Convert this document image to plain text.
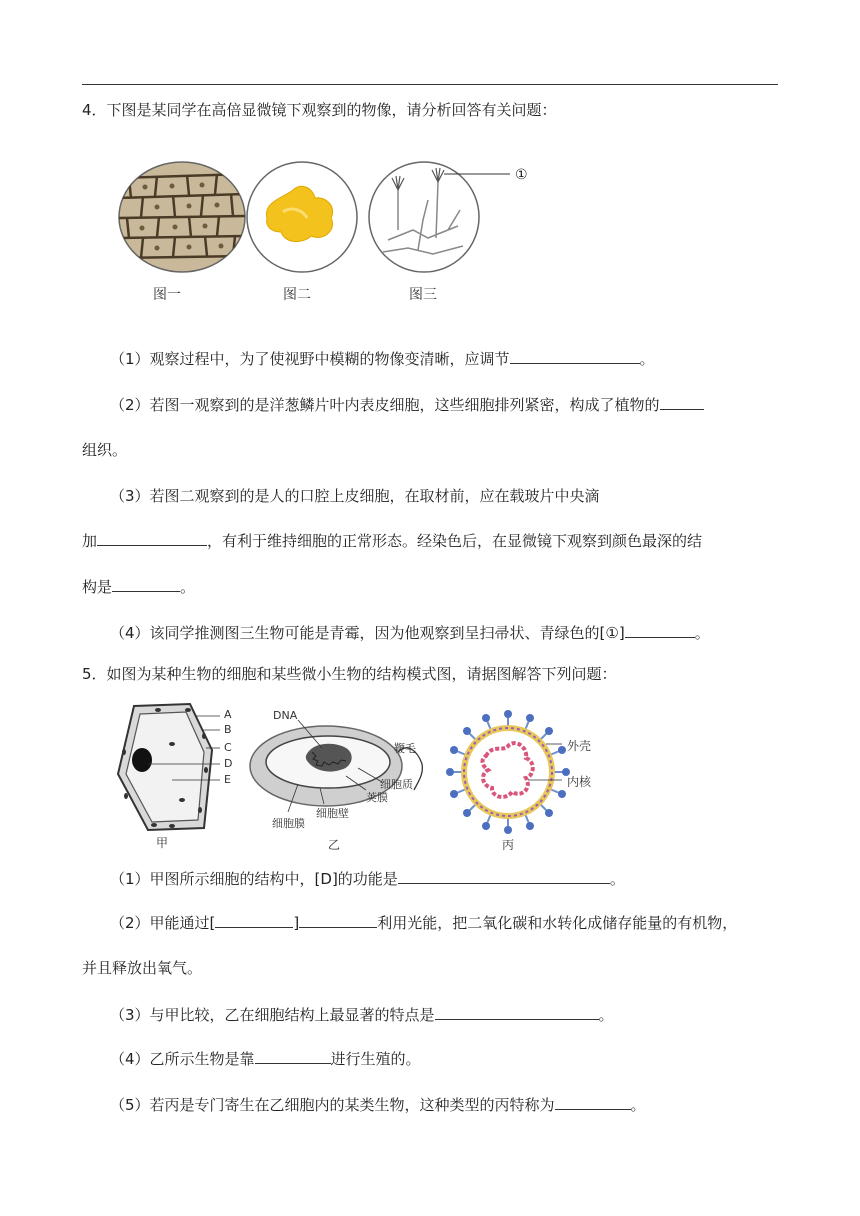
4．下图是某同学在高倍显微镜下观察到的物像，请分析回答有关问题：
①
图一	图二	图三
（1）观察过程中，为了使视野中模糊的物像变清晰，应调节	。
（2）若图一观察到的是洋葱鳞片叶内表皮细胞，这些细胞排列紧密，构成了植物的
组织。
（3）若图二观察到的是人的口腔上皮细胞，在取材前，应在载玻片中央滴
加	，有利于维持细胞的正常形态。经染色后，在显微镜下观察到颜色最深的结
构是	。
（4）该同学推测图三生物可能是青霉，因为他观察到呈扫帚状、青绿色的[①]	。
5．如图为某种生物的细胞和某些微小生物的结构模式图，请据图解答下列问题：
A
B
C
D
E
DNA
鞭毛
细胞质
荚膜
细胞壁
细胞膜
外壳
内核
甲	乙	丙
（1）甲图所示细胞的结构中，[D]的功能是	。
（2）甲能通过[	]	利用光能，把二氧化碳和水转化成储存能量的有机物，
并且释放出氧气。
（3）与甲比较，乙在细胞结构上最显著的特点是	。
（4）乙所示生物是靠	进行生殖的。
（5）若丙是专门寄生在乙细胞内的某类生物，这种类型的丙特称为	。
